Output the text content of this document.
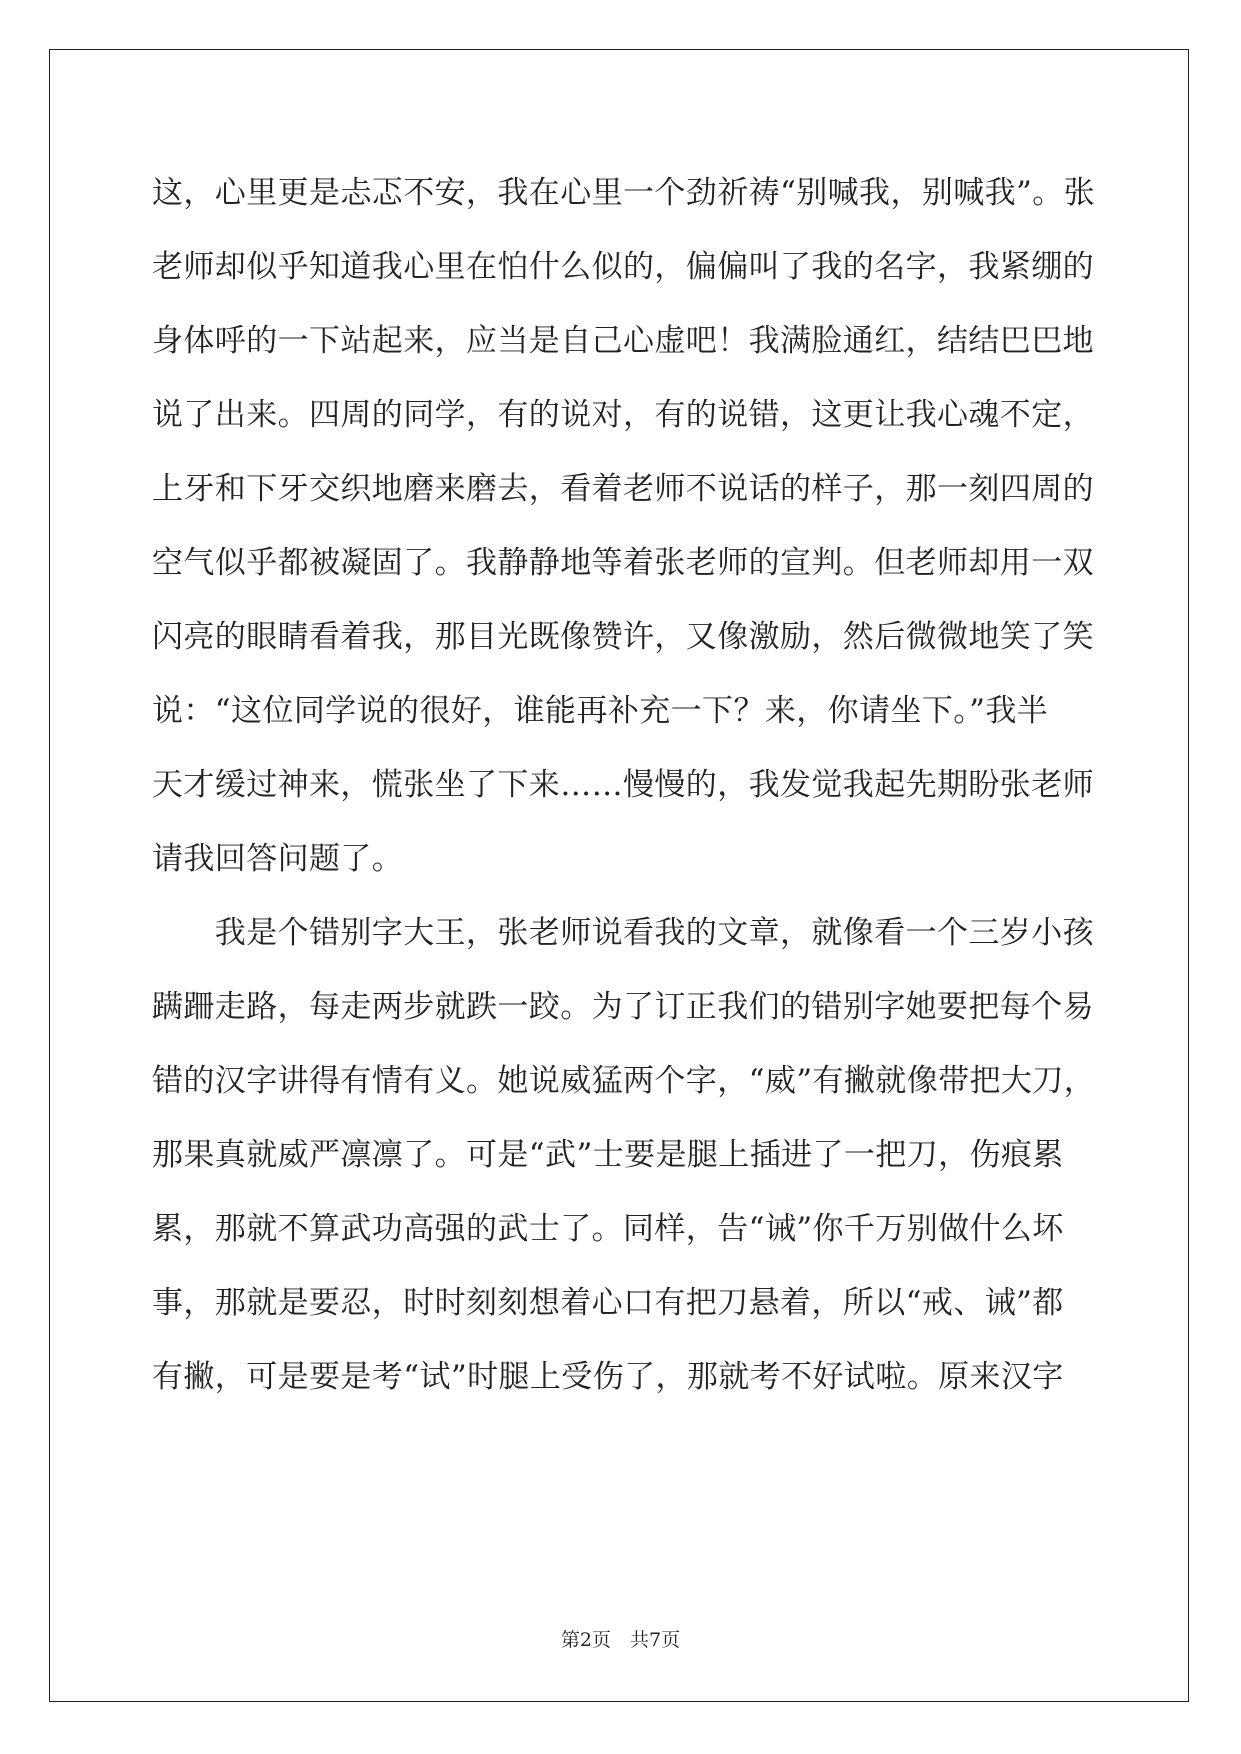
这，心里更是忐忑不安，我在心里一个劲祈祷“别喊我，别喊我”。张
老师却似乎知道我心里在怕什么似的，偏偏叫了我的名字，我紧绷的
身体呼的一下站起来，应当是自己心虚吧！我满脸通红，结结巴巴地
说了出来。四周的同学，有的说对，有的说错，这更让我心魂不定，
上牙和下牙交织地磨来磨去，看着老师不说话的样子，那一刻四周的
空气似乎都被凝固了。我静静地等着张老师的宣判。但老师却用一双
闪亮的眼睛看着我，那目光既像赞许，又像激励，然后微微地笑了笑
说：“这位同学说的很好，谁能再补充一下？来，你请坐下。”我半
天才缓过神来，慌张坐了下来……慢慢的，我发觉我起先期盼张老师
请我回答问题了。
　　我是个错别字大王，张老师说看我的文章，就像看一个三岁小孩
蹒跚走路，每走两步就跌一跤。为了订正我们的错别字她要把每个易
错的汉字讲得有情有义。她说威猛两个字，“威”有撇就像带把大刀，
那果真就威严凛凛了。可是“武”士要是腿上插进了一把刀，伤痕累
累，那就不算武功高强的武士了。同样，告“诫”你千万别做什么坏
事，那就是要忍，时时刻刻想着心口有把刀悬着，所以“戒、诫”都
有撇，可是要是考“试”时腿上受伤了，那就考不好试啦。原来汉字
第2页　共7页
